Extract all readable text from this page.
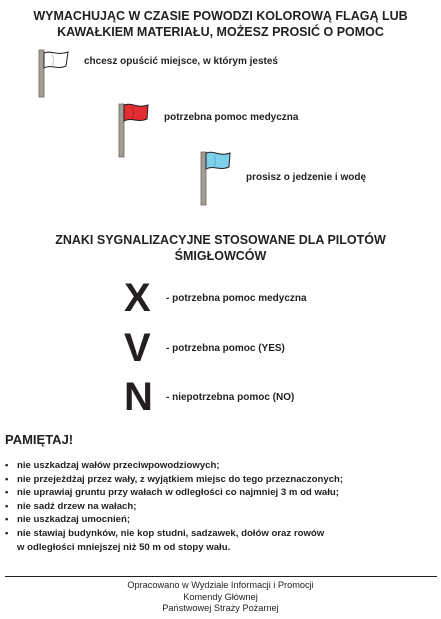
WYMACHUJĄC W CZASIE POWODZI KOLOROWĄ FLAGĄ LUB
KAWAŁKIEM MATERIAŁU, MOŻESZ PROSIĆ O POMOC
chcesz opuścić miejsce, w którym jesteś
potrzebna pomoc medyczna
prosisz o jedzenie i wodę
ZNAKI SYGNALIZACYJNE STOSOWANE DLA PILOTÓW
ŚMIGŁOWCÓW
X	- potrzebna pomoc medyczna
V	- potrzebna pomoc (YES)
N	- niepotrzebna pomoc (NO)
PAMIĘTAJ!
• nie uszkadzaj wałów przeciwpowodziowych;
• nie przejeżdżaj przez wały, z wyjątkiem miejsc do tego przeznaczonych;
• nie uprawiaj gruntu przy wałach w odległości co najmniej 3 m od wału;
• nie sadź drzew na wałach;
• nie uszkadzaj umocnień;
• nie stawiaj budynków, nie kop studni, sadzawek, dołów oraz rowów
w odległości mniejszej niż 50 m od stopy wału.
Opracowano w Wydziale Informacji i Promocji
Komendy Głównej
Państwowej Straży Pożarnej
